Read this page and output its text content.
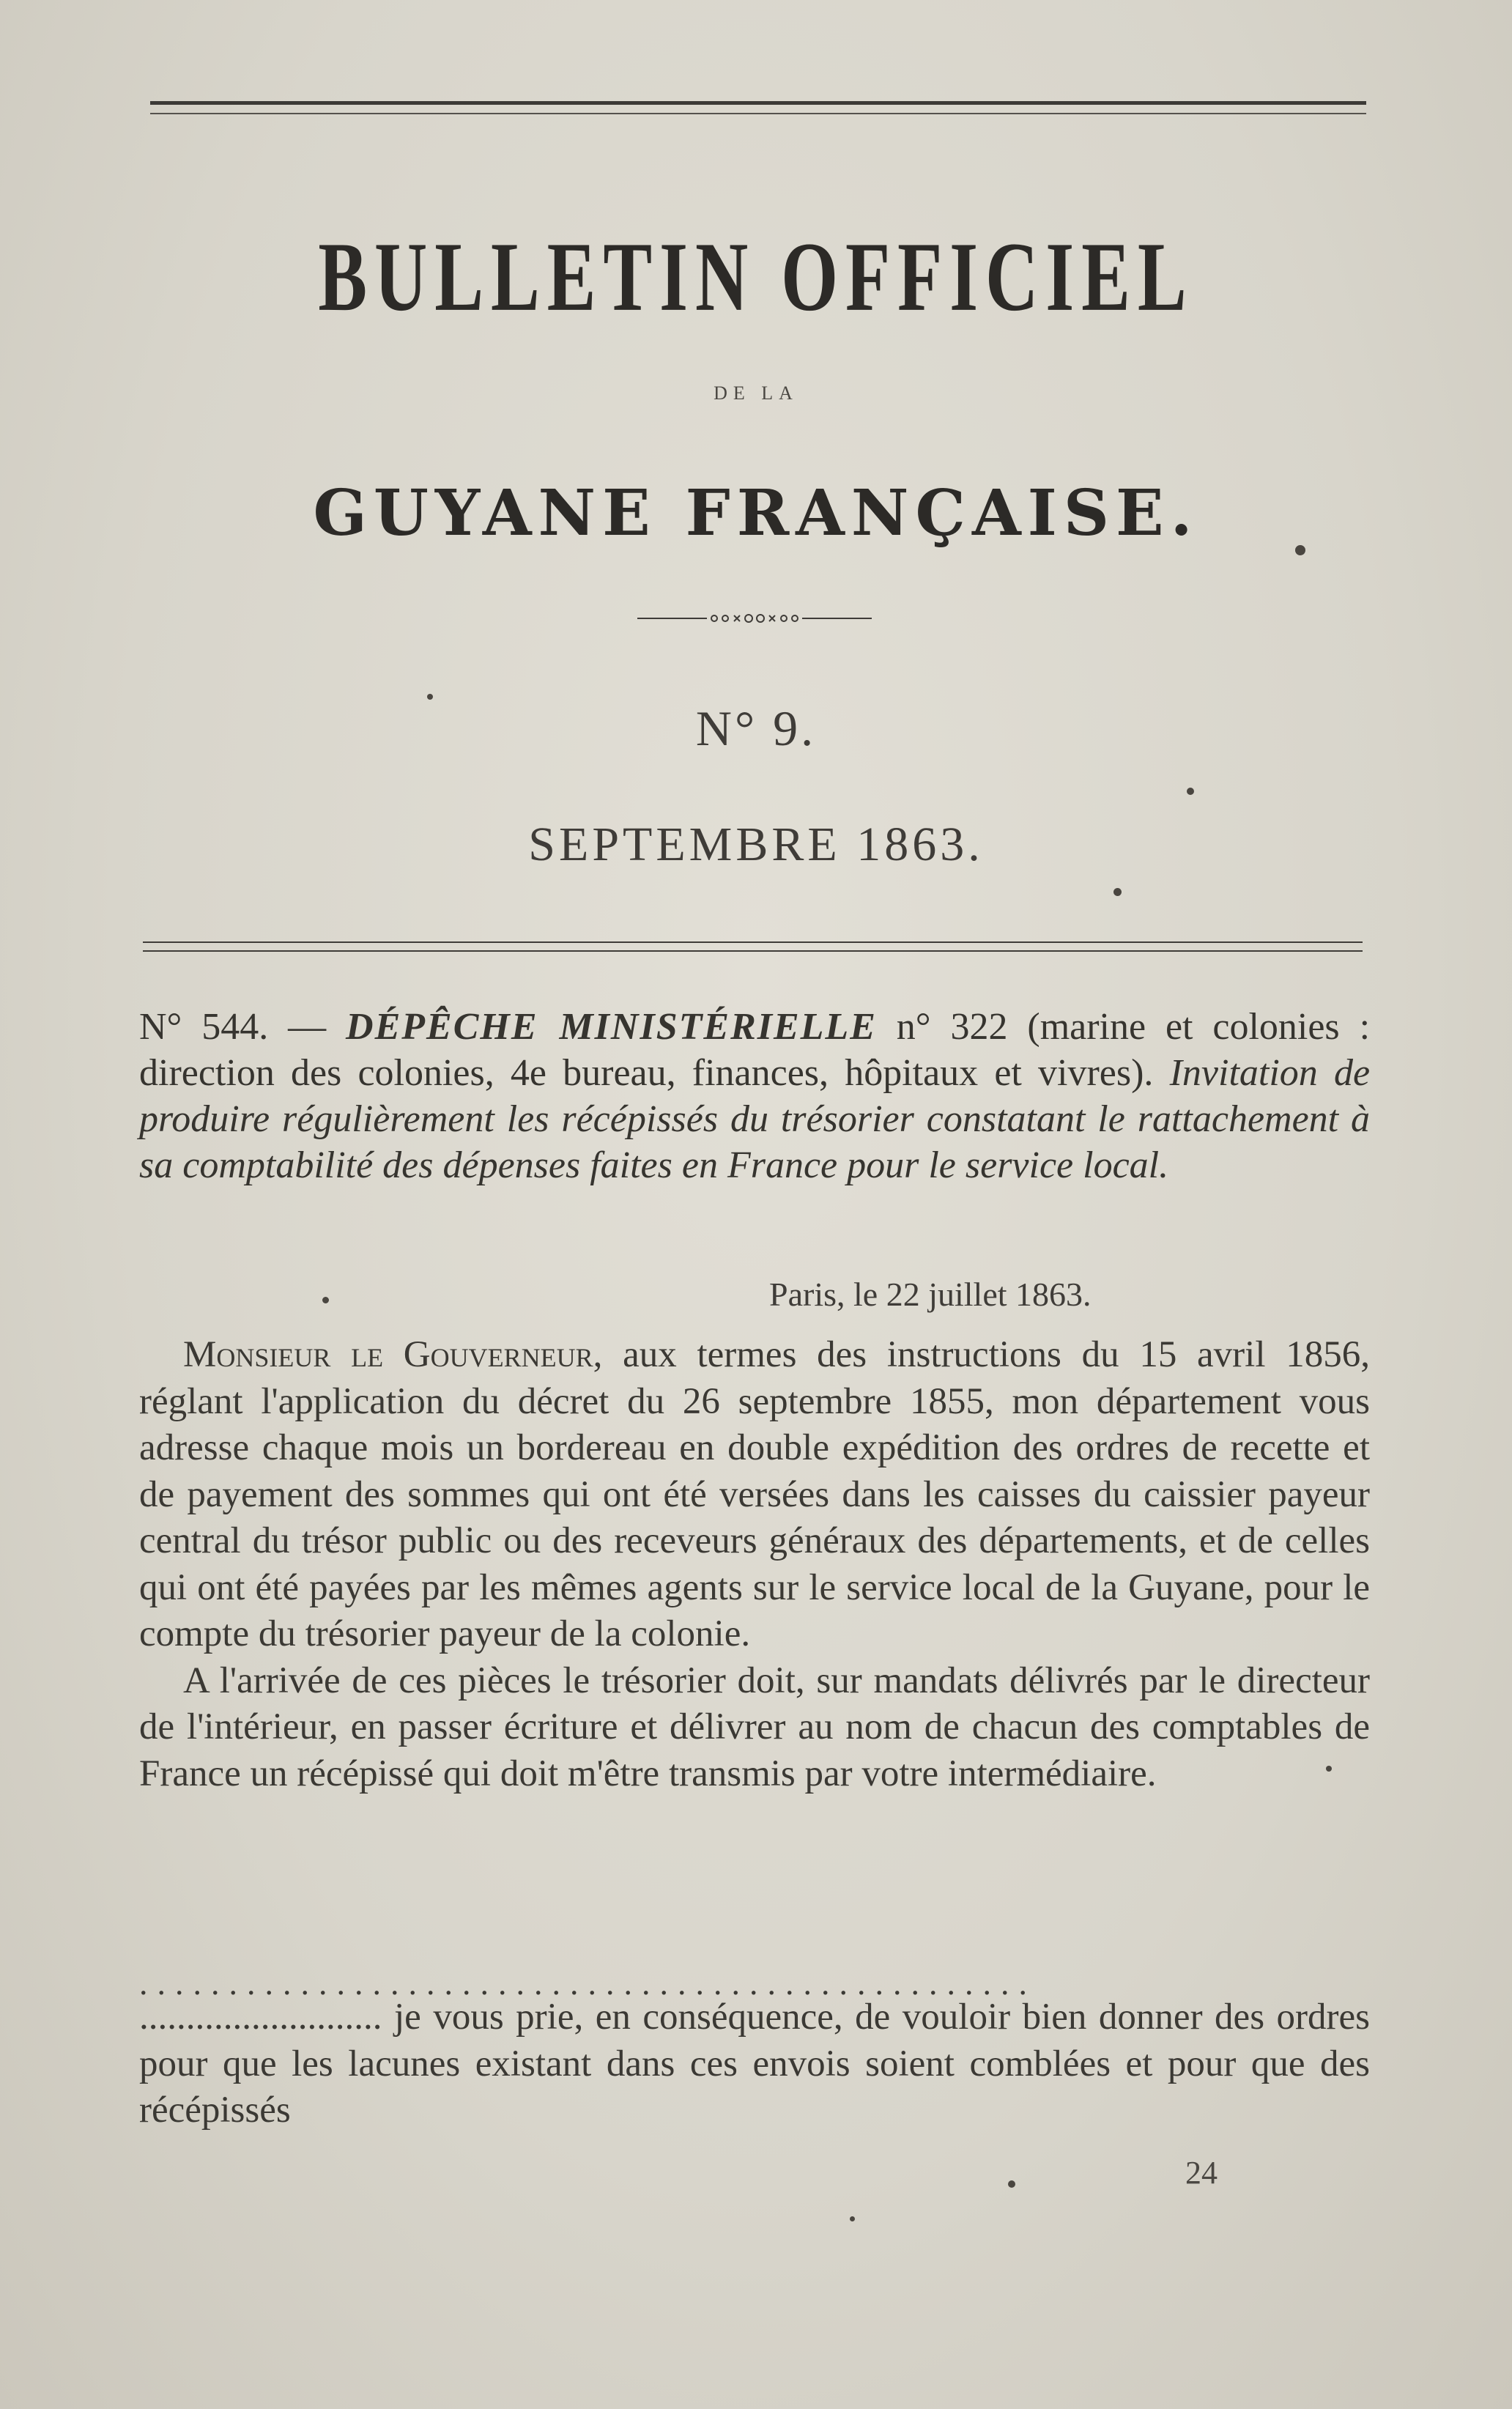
BULLETIN OFFICIEL
DE LA
GUYANE FRANÇAISE.
N° 9.
SEPTEMBRE 1863.
N° 544. — DÉPÊCHE MINISTÉRIELLE n° 322 (marine et colonies : direction des colonies, 4e bureau, finances, hôpitaux et vivres). Invitation de produire régulièrement les récépissés du trésorier constatant le rattachement à sa comptabilité des dépenses faites en France pour le service local.
Paris, le 22 juillet 1863.

Monsieur le Gouverneur, aux termes des instructions du 15 avril 1856, réglant l'application du décret du 26 septembre 1855, mon département vous adresse chaque mois un bordereau en double expédition des ordres de recette et de payement des sommes qui ont été versées dans les caisses du caissier payeur central du trésor public ou des receveurs généraux des départements, et de celles qui ont été payées par les mêmes agents sur le service local de la Guyane, pour le compte du trésorier payeur de la colonie.

A l'arrivée de ces pièces le trésorier doit, sur mandats délivrés par le directeur de l'intérieur, en passer écriture et délivrer au nom de chacun des comptables de France un récépissé qui doit m'être transmis par votre intermédiaire.

..................................................
.......................... je vous prie, en conséquence, de vouloir bien donner des ordres pour que les lacunes existant dans ces envois soient comblées et pour que des récépissés
24
